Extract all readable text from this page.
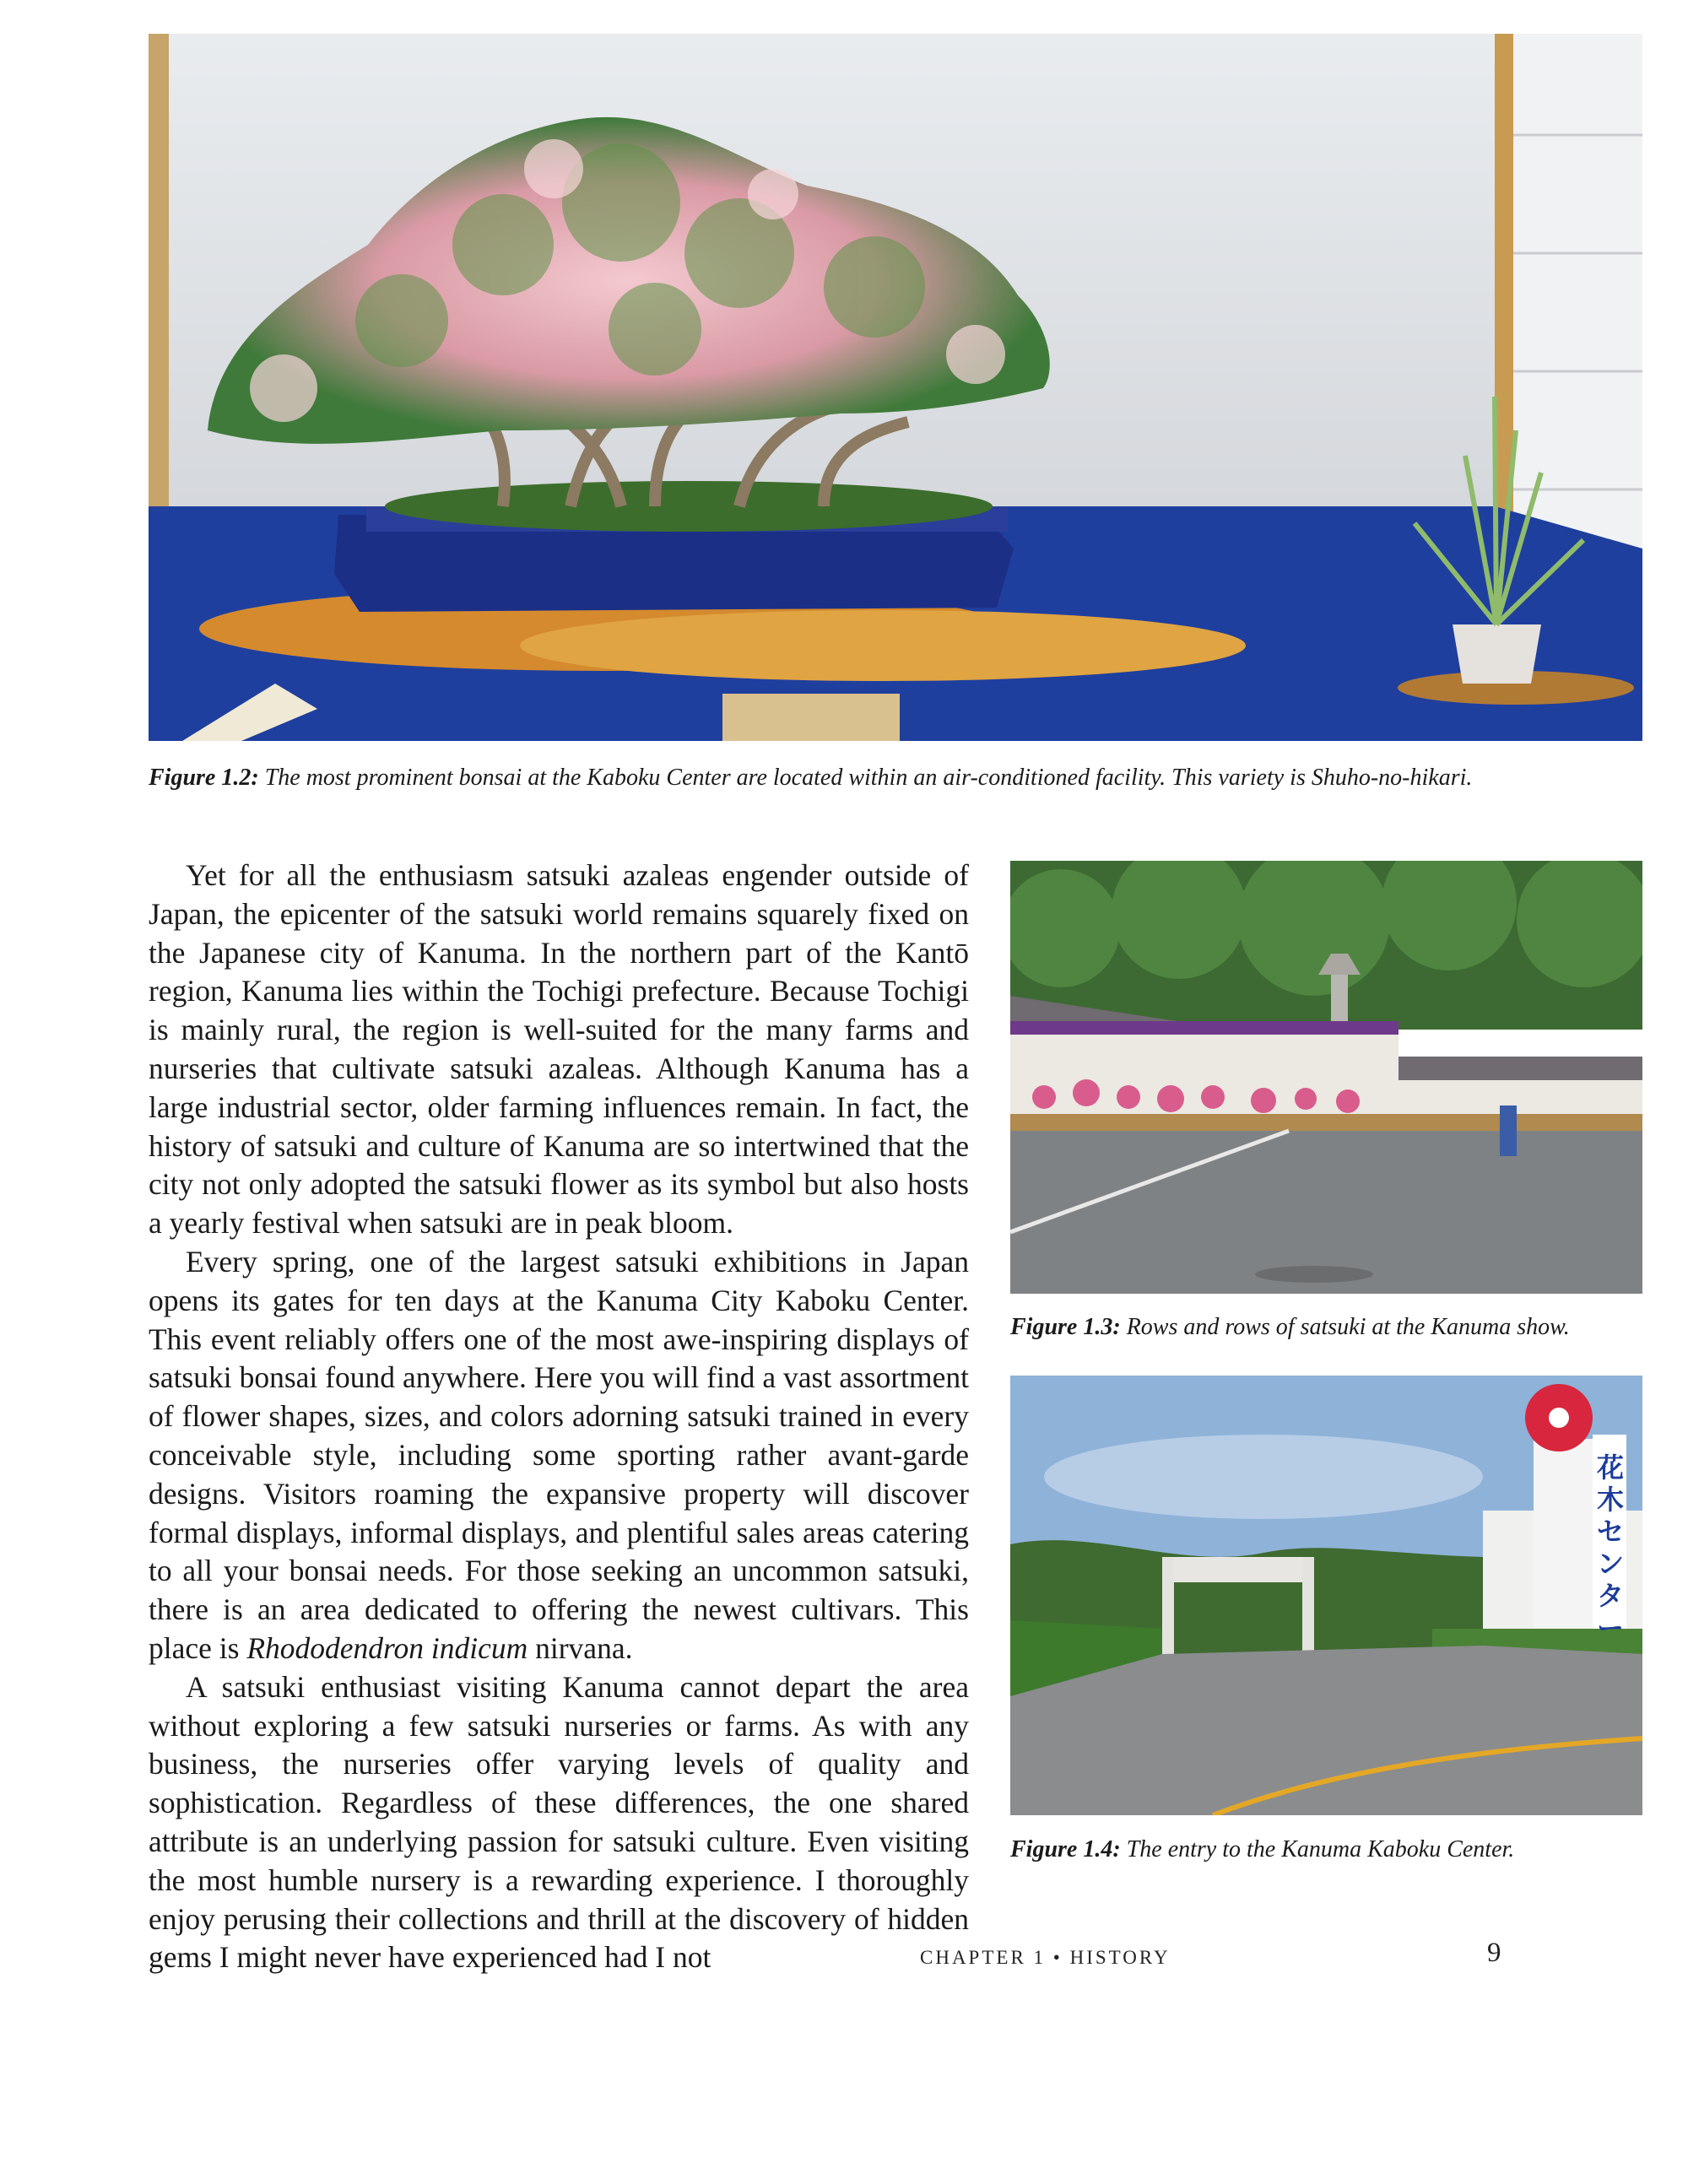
Figure 1.2: The most prominent bonsai at the Kaboku Center are located within an air-conditioned facility. This variety is Shuho-no-hikari.

Yet for all the enthusiasm satsuki azaleas engender outside of Japan, the epicenter of the satsuki world remains squarely fixed on the Japanese city of Kanuma. In the northern part of the Kantō region, Kanuma lies within the Tochigi prefecture. Because Tochigi is mainly rural, the region is well-suited for the many farms and nurseries that cultivate satsuki azaleas. Although Kanuma has a large industrial sector, older farming influences remain. In fact, the history of satsuki and culture of Kanuma are so intertwined that the city not only adopted the satsuki flower as its symbol but also hosts a yearly festival when satsuki are in peak bloom.

Every spring, one of the largest satsuki exhibitions in Japan opens its gates for ten days at the Kanuma City Kaboku Center. This event reliably offers one of the most awe-inspiring displays of satsuki bonsai found anywhere. Here you will find a vast assortment of flower shapes, sizes, and colors adorning satsuki trained in every conceivable style, including some sporting rather avant-garde designs. Visitors roaming the expansive property will discover formal displays, informal displays, and plentiful sales areas catering to all your bonsai needs. For those seeking an uncommon satsuki, there is an area dedicated to offering the newest cultivars. This place is Rhododendron indicum nirvana.

A satsuki enthusiast visiting Kanuma cannot depart the area without exploring a few satsuki nurseries or farms. As with any business, the nurseries offer varying levels of quality and sophistication. Regardless of these differences, the one shared attribute is an underlying passion for satsuki culture. Even visiting the most humble nursery is a rewarding experience. I thoroughly enjoy perusing their collections and thrill at the discovery of hidden gems I might never have experienced had I not

Figure 1.3: Rows and rows of satsuki at the Kanuma show.
花木センター
Figure 1.4: The entry to the Kanuma Kaboku Center.
CHAPTER 1 • HISTORY	9
